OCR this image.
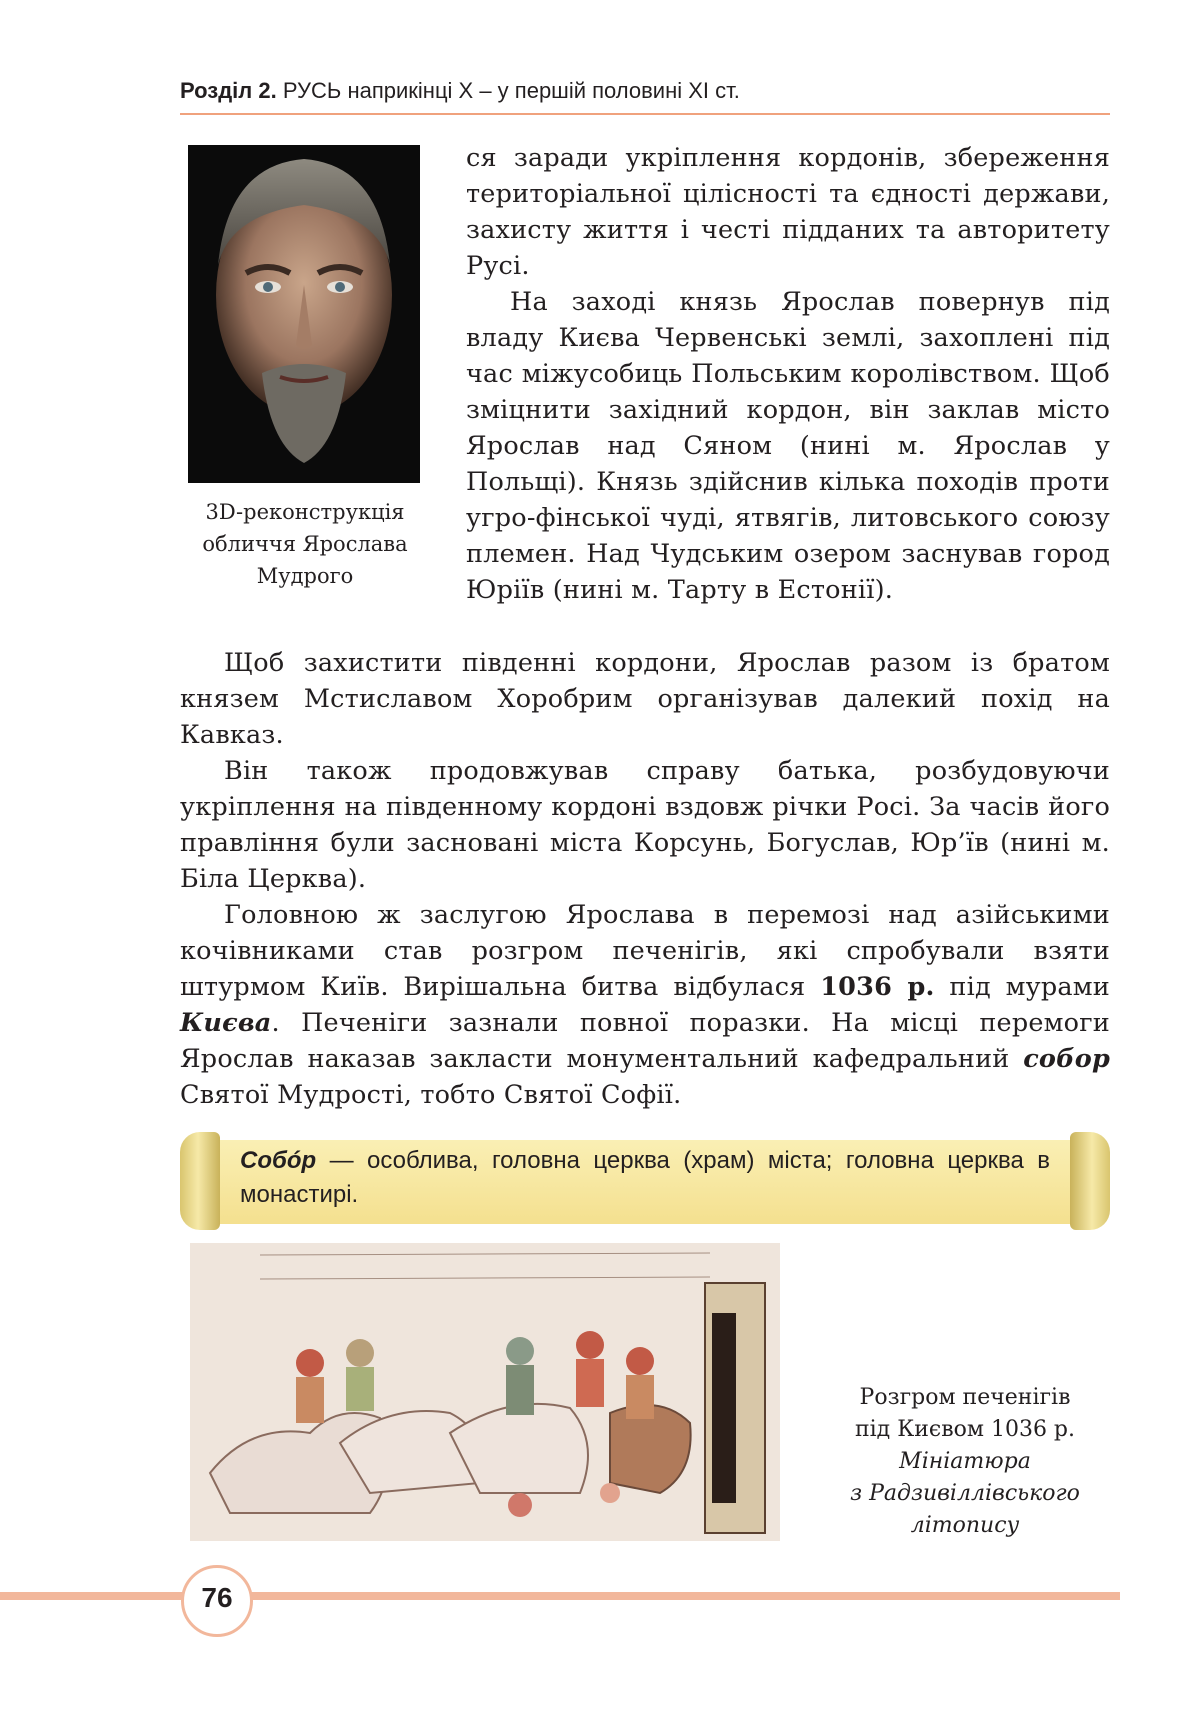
Розділ 2. РУСЬ наприкінці X – у першій половині XI ст.
3D-реконструкція обличчя Ярослава Мудрого

ся заради укріплення кордонів, збереження територіальної цілісності та єдності держави, захисту життя і честі підданих та авторитету Русі.

На заході князь Ярослав повернув під владу Києва Червенські землі, захоплені під час міжусобиць Польським королівством. Щоб зміцнити західний кордон, він заклав місто Ярослав над Сяном (нині м. Ярослав у Польщі). Князь здійснив кілька походів проти угро-фінської чуді, ятвягів, литовського союзу племен. Над Чудським озером заснував город Юріїв (нині м. Тарту в Естонії).

Щоб захистити південні кордони, Ярослав разом із братом князем Мстиславом Хоробрим організував далекий похід на Кавказ.

Він також продовжував справу батька, розбудовуючи укріплення на південному кордоні вздовж річки Росі. За часів його правління були засновані міста Корсунь, Богуслав, Юр’їв (нині м. Біла Церква).

Головною ж заслугою Ярослава в перемозі над азійськими кочівниками став розгром печенігів, які спробували взяти штурмом Київ. Вирішальна битва відбулася 1036 р. під мурами Києва. Печеніги зазнали повної поразки. На місці перемоги Ярослав наказав закласти монументальний кафедральний собор Святої Мудрості, тобто Святої Софії.

Собóр — особлива, головна церква (храм) міста; головна церква в монастирі.
Розгром печенігів
під Києвом 1036 р.
Мініатюра
з Радзивіллівського
літопису
76
